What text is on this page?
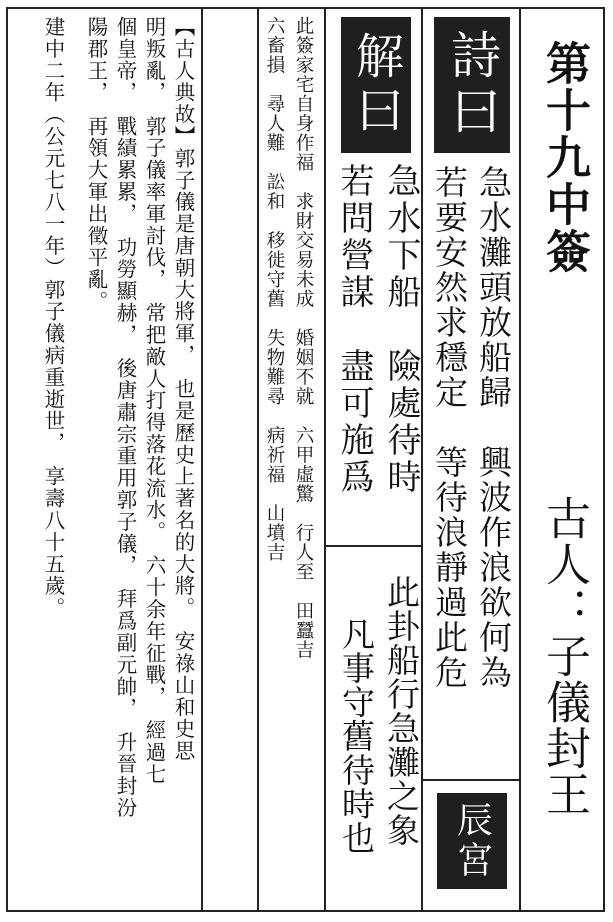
第十九中簽
古人：子儀封王
詩曰
解曰
辰宮
急水灘頭放船歸　興波作浪欲何為
若要安然求穩定　等待浪靜過此危
急水下船　險處待時
若問營謀　盡可施爲
此卦船行急灘之象
凡事守舊待時也
此簽家宅自身作福　求財交易未成　婚姻不就　六甲虛驚　行人至　田蠶吉
六畜損　尋人難　訟和　移徙守舊　失物難尋　病祈福　山墳吉
【古人典故】郭子儀是唐朝大將軍，　也是歷史上著名的大將。　安祿山和史思
明叛亂，　郭子儀率軍討伐，　常把敵人打得落花流水。　六十余年征戰，　經過七
個皇帝，　戰績累累，　功勞顯赫，　後唐肅宗重用郭子儀，　拜爲副元帥，　升晉封汾
陽郡王，　再領大軍出徵平亂。
建中二年（公元七八一年）郭子儀病重逝世，　享壽八十五歲。
